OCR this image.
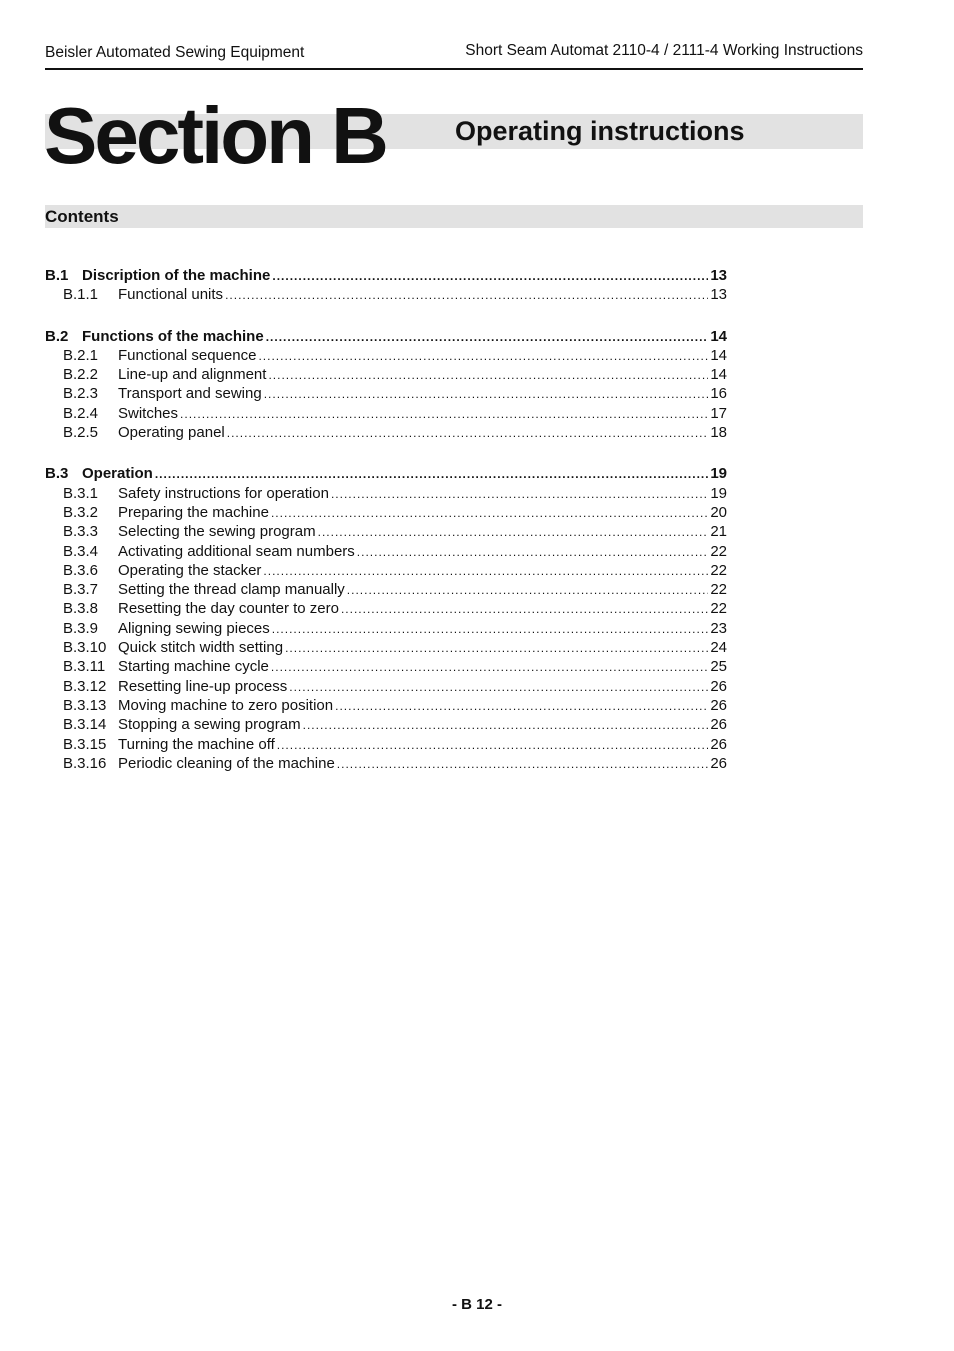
Beisler Automated Sewing Equipment	Short Seam Automat 2110-4 / 2111-4 Working Instructions
Section B	Operating instructions
Contents
B.1 Discription of the machine .....	13
B.1.1	Functional units .....	13
B.2 Functions of the machine .....	14
B.2.1	Functional sequence .....	14
B.2.2	Line-up and alignment .....	14
B.2.3	Transport and sewing .....	16
B.2.4	Switches .....	17
B.2.5	Operating panel .....	18
B.3 Operation .....	19
B.3.1	Safety instructions for operation .....	19
B.3.2	Preparing the machine .....	20
B.3.3	Selecting the sewing program .....	21
B.3.4	Activating additional seam numbers .....	22
B.3.6	Operating the stacker .....	22
B.3.7	Setting the thread clamp manually .....	22
B.3.8	Resetting the day counter to zero .....	22
B.3.9	Aligning sewing pieces .....	23
B.3.10 Quick stitch width setting .....	24
B.3.11 Starting machine cycle .....	25
B.3.12 Resetting line-up process .....	26
B.3.13 Moving machine to zero position .....	26
B.3.14 Stopping a sewing program .....	26
B.3.15 Turning the machine off .....	26
B.3.16 Periodic cleaning of the machine .....	26
- B 12 -
